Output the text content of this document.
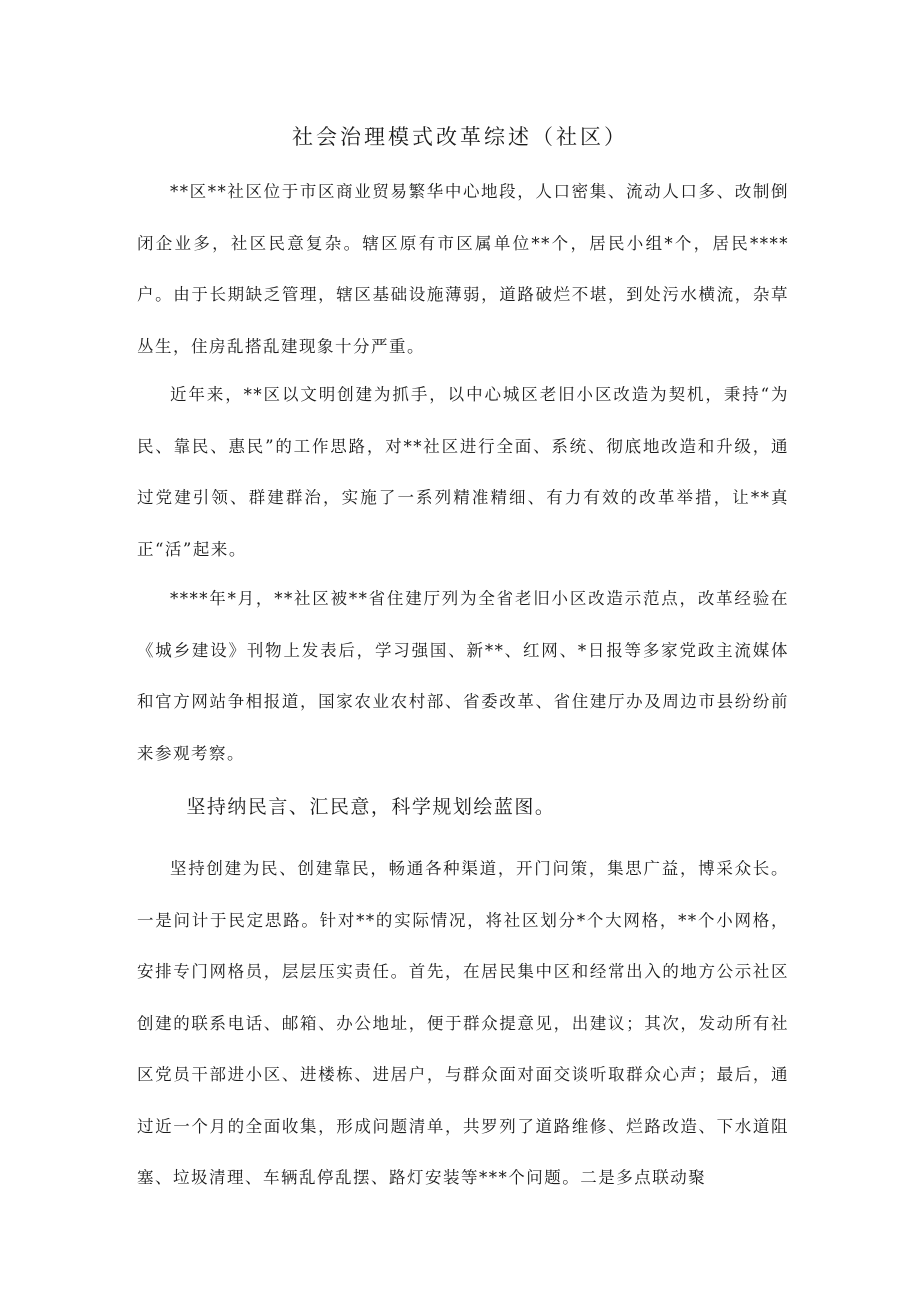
社会治理模式改革综述（社区）

**区**社区位于市区商业贸易繁华中心地段，人口密集、流动人口多、改制倒闭企业多，社区民意复杂。辖区原有市区属单位**个，居民小组*个，居民****户。由于长期缺乏管理，辖区基础设施薄弱，道路破烂不堪，到处污水横流，杂草丛生，住房乱搭乱建现象十分严重。

近年来，**区以文明创建为抓手，以中心城区老旧小区改造为契机，秉持“为民、靠民、惠民”的工作思路，对**社区进行全面、系统、彻底地改造和升级，通过党建引领、群建群治，实施了一系列精准精细、有力有效的改革举措，让**真正“活”起来。

****年*月，**社区被**省住建厅列为全省老旧小区改造示范点，改革经验在《城乡建设》刊物上发表后，学习强国、新**、红网、*日报等多家党政主流媒体和官方网站争相报道，国家农业农村部、省委改革、省住建厅办及周边市县纷纷前来参观考察。

坚持纳民言、汇民意，科学规划绘蓝图。

坚持创建为民、创建靠民，畅通各种渠道，开门问策，集思广益，博采众长。一是问计于民定思路。针对**的实际情况，将社区划分*个大网格，**个小网格，安排专门网格员，层层压实责任。首先，在居民集中区和经常出入的地方公示社区创建的联系电话、邮箱、办公地址，便于群众提意见，出建议；其次，发动所有社区党员干部进小区、进楼栋、进居户，与群众面对面交谈听取群众心声；最后，通过近一个月的全面收集，形成问题清单，共罗列了道路维修、烂路改造、下水道阻塞、垃圾清理、车辆乱停乱摆、路灯安装等***个问题。二是多点联动聚
